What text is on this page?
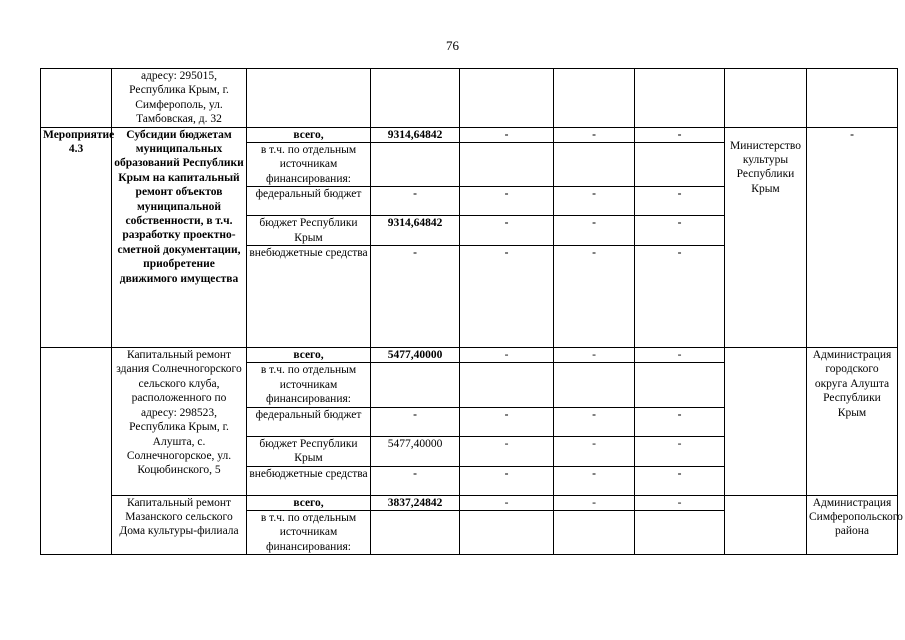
76
	адресу: 295015, Республика Крым, г. Симферополь, ул. Тамбовская, д. 32							
Мероприятие 4.3	Субсидии бюджетам муниципальных образований Республики Крым на капитальный ремонт объектов муниципальной собственности, в т.ч. разработку проектно-сметной документации, приобретение движимого имущества	всего,	9314,64842	-	-	-	Министерство культуры Республики Крым	-
		в т.ч. по отдельным источникам финансирования:						
		федеральный бюджет	-	-	-	-		
		бюджет Республики Крым	9314,64842	-	-	-		
		внебюджетные средства	-	-	-	-		
	Капитальный ремонт здания Солнечногорского сельского клуба, расположенного по адресу: 298523, Республика Крым, г. Алушта, с. Солнечногорское, ул. Коцюбинского, 5	всего,	5477,40000	-	-	-		Администрация городского округа Алушта Республики Крым
		в т.ч. по отдельным источникам финансирования:						
		федеральный бюджет	-	-	-	-		
		бюджет Республики Крым	5477,40000	-	-	-		
		внебюджетные средства	-	-	-	-		
	Капитальный ремонт Мазанского сельского Дома культуры-филиала	всего,	3837,24842	-	-	-		Администрация Симферопольского района
		в т.ч. по отдельным источникам финансирования:						
